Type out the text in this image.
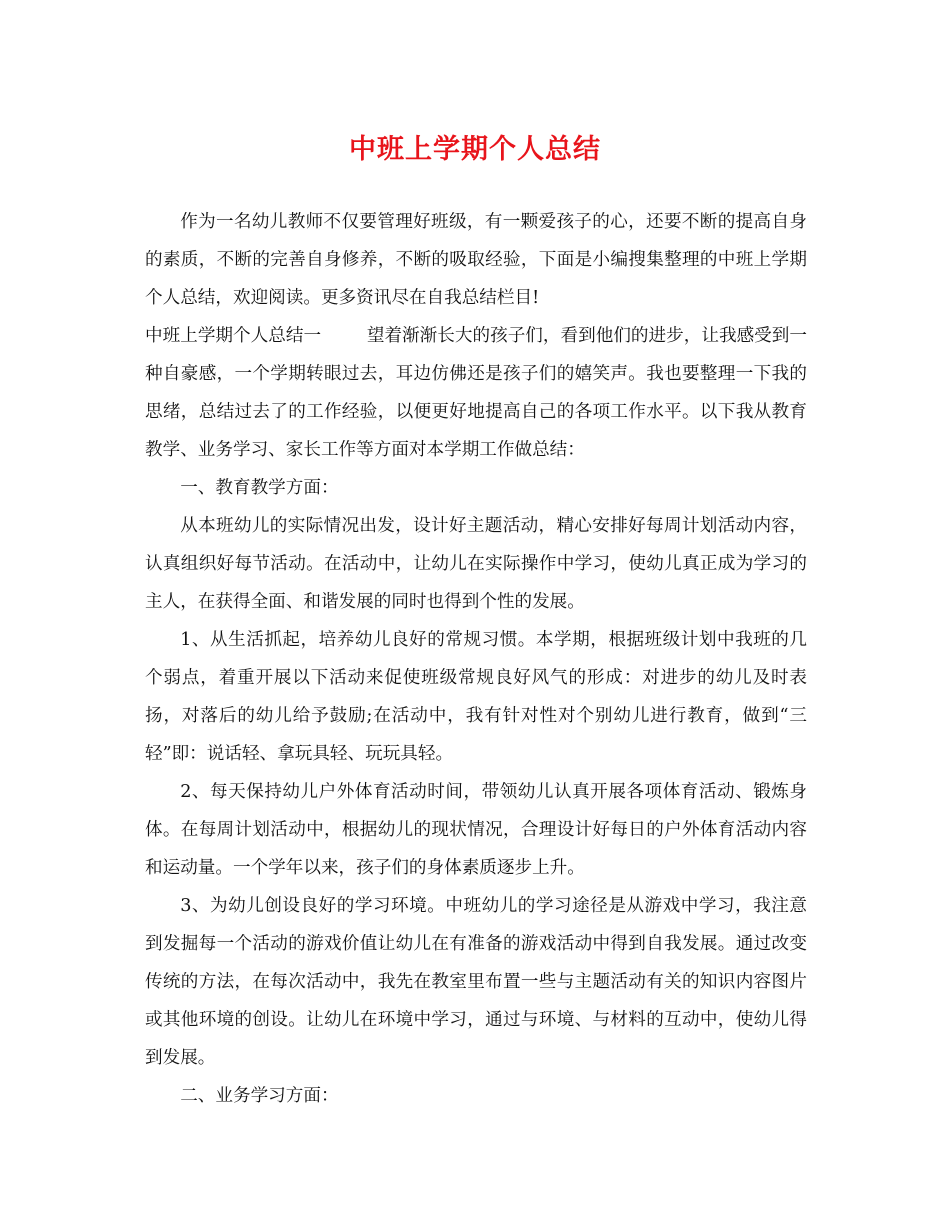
中班上学期个人总结

作为一名幼儿教师不仅要管理好班级，有一颗爱孩子的心，还要不断的提高自身的素质，不断的完善自身修养，不断的吸取经验，下面是小编搜集整理的中班上学期个人总结，欢迎阅读。更多资讯尽在自我总结栏目!

中班上学期个人总结一	望着渐渐长大的孩子们，看到他们的进步，让我感受到一种自豪感，一个学期转眼过去，耳边仿佛还是孩子们的嬉笑声。我也要整理一下我的思绪，总结过去了的工作经验，以便更好地提高自己的各项工作水平。以下我从教育教学、业务学习、家长工作等方面对本学期工作做总结：

一、教育教学方面：

从本班幼儿的实际情况出发，设计好主题活动，精心安排好每周计划活动内容，认真组织好每节活动。在活动中，让幼儿在实际操作中学习，使幼儿真正成为学习的主人，在获得全面、和谐发展的同时也得到个性的发展。

1、从生活抓起，培养幼儿良好的常规习惯。本学期，根据班级计划中我班的几个弱点，着重开展以下活动来促使班级常规良好风气的形成：对进步的幼儿及时表扬，对落后的幼儿给予鼓励;在活动中，我有针对性对个别幼儿进行教育，做到“三轻”即：说话轻、拿玩具轻、玩玩具轻。

2、每天保持幼儿户外体育活动时间，带领幼儿认真开展各项体育活动、锻炼身体。在每周计划活动中，根据幼儿的现状情况，合理设计好每日的户外体育活动内容和运动量。一个学年以来，孩子们的身体素质逐步上升。

3、为幼儿创设良好的学习环境。中班幼儿的学习途径是从游戏中学习，我注意到发掘每一个活动的游戏价值让幼儿在有准备的游戏活动中得到自我发展。通过改变传统的方法，在每次活动中，我先在教室里布置一些与主题活动有关的知识内容图片或其他环境的创设。让幼儿在环境中学习，通过与环境、与材料的互动中，使幼儿得到发展。

二、业务学习方面：
